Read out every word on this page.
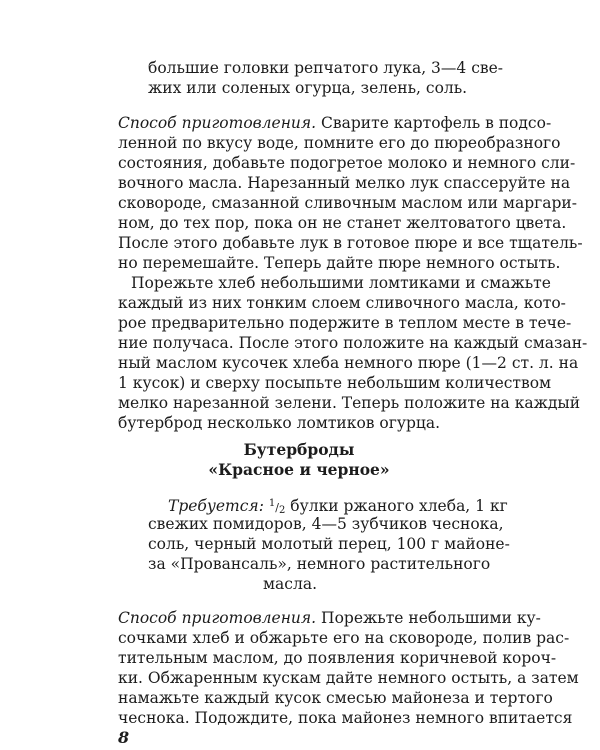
большие головки репчатого лука, 3—4 све-
жих или соленых огурца, зелень, соль.
Способ приготовления. Сварите картофель в подсо-
ленной по вкусу воде, помните его до пюреобразного
состояния, добавьте подогретое молоко и немного сли-
вочного масла. Нарезанный мелко лук спассеруйте на
сковороде, смазанной сливочным маслом или маргари-
ном, до тех пор, пока он не станет желтоватого цвета.
После этого добавьте лук в готовое пюре и все тщатель-
но перемешайте. Теперь дайте пюре немного остыть.
Порежьте хлеб небольшими ломтиками и смажьте
каждый из них тонким слоем сливочного масла, кото-
рое предварительно подержите в теплом месте в тече-
ние получаса. После этого положите на каждый смазан-
ный маслом кусочек хлеба немного пюре (1—2 ст. л. на
1 кусок) и сверху посыпьте небольшим количеством
мелко нарезанной зелени. Теперь положите на каждый
бутерброд несколько ломтиков огурца.
Бутерброды
«Красное и черное»
Требуется: $^1/_2$ булки ржаного хлеба, 1 кг
свежих помидоров, 4—5 зубчиков чеснока,
соль, черный молотый перец, 100 г майоне-
за «Провансаль», немного растительного
масла.
Способ приготовления. Порежьте небольшими ку-
сочками хлеб и обжарьте его на сковороде, полив рас-
тительным маслом, до появления коричневой короч-
ки. Обжаренным кускам дайте немного остыть, а затем
намажьте каждый кусок смесью майонеза и тертого
чеснока. Подождите, пока майонез немного впитается
8
